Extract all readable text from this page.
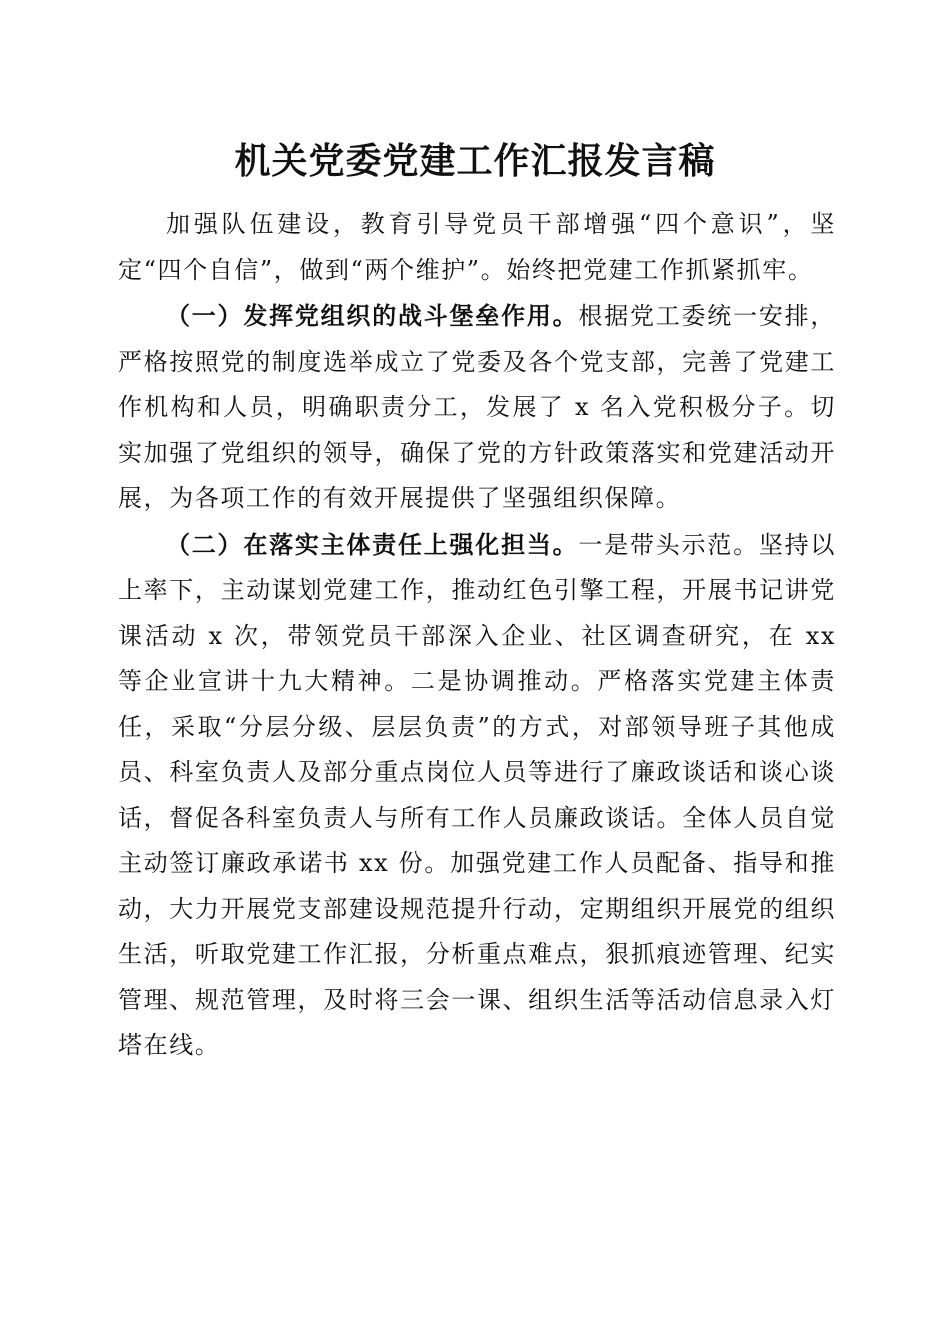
机关党委党建工作汇报发言稿

加强队伍建设，教育引导党员干部增强“四个意识”，坚定“四个自信”，做到“两个维护”。始终把党建工作抓紧抓牢。

（一）发挥党组织的战斗堡垒作用。根据党工委统一安排，严格按照党的制度选举成立了党委及各个党支部，完善了党建工作机构和人员，明确职责分工，发展了 x 名入党积极分子。切实加强了党组织的领导，确保了党的方针政策落实和党建活动开展，为各项工作的有效开展提供了坚强组织保障。

（二）在落实主体责任上强化担当。一是带头示范。坚持以上率下，主动谋划党建工作，推动红色引擎工程，开展书记讲党课活动 x 次，带领党员干部深入企业、社区调查研究，在 xx 等企业宣讲十九大精神。二是协调推动。严格落实党建主体责任，采取“分层分级、层层负责”的方式，对部领导班子其他成员、科室负责人及部分重点岗位人员等进行了廉政谈话和谈心谈话，督促各科室负责人与所有工作人员廉政谈话。全体人员自觉主动签订廉政承诺书 xx 份。加强党建工作人员配备、指导和推动，大力开展党支部建设规范提升行动，定期组织开展党的组织生活，听取党建工作汇报，分析重点难点，狠抓痕迹管理、纪实管理、规范管理，及时将三会一课、组织生活等活动信息录入灯塔在线。
